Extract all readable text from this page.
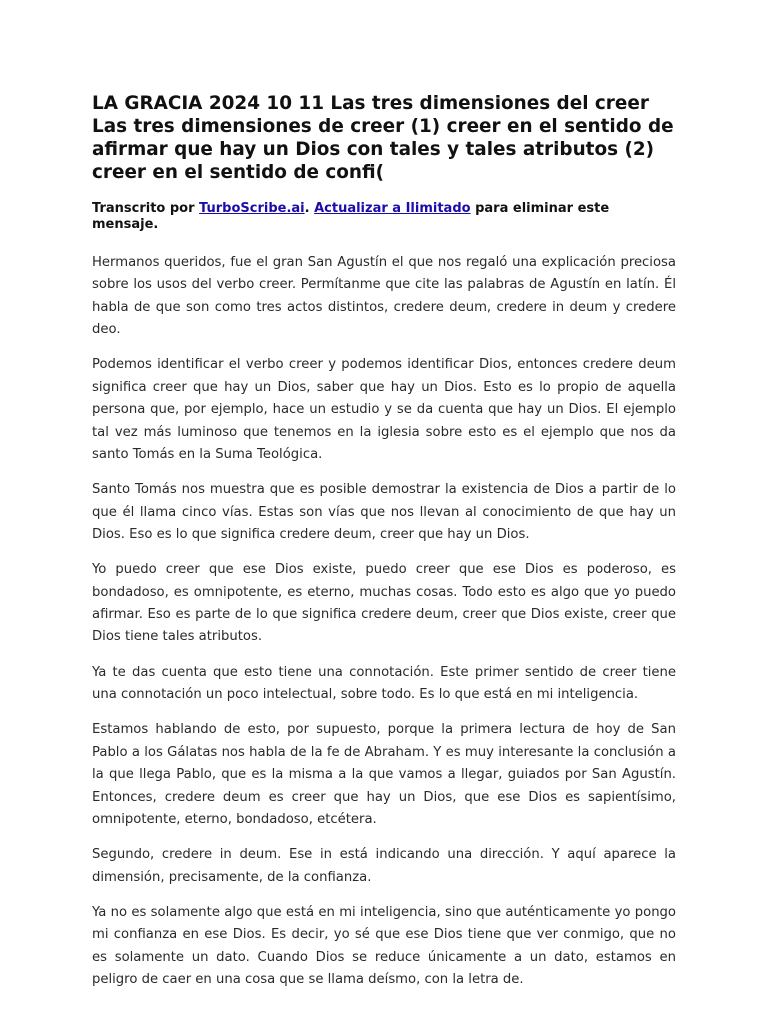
LA GRACIA 2024 10 11 Las tres dimensiones del creer Las tres dimensiones de creer (1) creer en el sentido de afirmar que hay un Dios con tales y tales atributos (2) creer en el sentido de confi(
Transcrito por TurboScribe.ai. Actualizar a Ilimitado para eliminar este mensaje.

Hermanos queridos, fue el gran San Agustín el que nos regaló una explicación preciosa sobre los usos del verbo creer. Permítanme que cite las palabras de Agustín en latín. Él habla de que son como tres actos distintos, credere deum, credere in deum y credere deo.

Podemos identificar el verbo creer y podemos identificar Dios, entonces credere deum significa creer que hay un Dios, saber que hay un Dios. Esto es lo propio de aquella persona que, por ejemplo, hace un estudio y se da cuenta que hay un Dios. El ejemplo tal vez más luminoso que tenemos en la iglesia sobre esto es el ejemplo que nos da santo Tomás en la Suma Teológica.

Santo Tomás nos muestra que es posible demostrar la existencia de Dios a partir de lo que él llama cinco vías. Estas son vías que nos llevan al conocimiento de que hay un Dios. Eso es lo que significa credere deum, creer que hay un Dios.

Yo puedo creer que ese Dios existe, puedo creer que ese Dios es poderoso, es bondadoso, es omnipotente, es eterno, muchas cosas. Todo esto es algo que yo puedo afirmar. Eso es parte de lo que significa credere deum, creer que Dios existe, creer que Dios tiene tales atributos.

Ya te das cuenta que esto tiene una connotación. Este primer sentido de creer tiene una connotación un poco intelectual, sobre todo. Es lo que está en mi inteligencia.

Estamos hablando de esto, por supuesto, porque la primera lectura de hoy de San Pablo a los Gálatas nos habla de la fe de Abraham. Y es muy interesante la conclusión a la que llega Pablo, que es la misma a la que vamos a llegar, guiados por San Agustín. Entonces, credere deum es creer que hay un Dios, que ese Dios es sapientísimo, omnipotente, eterno, bondadoso, etcétera.

Segundo, credere in deum. Ese in está indicando una dirección. Y aquí aparece la dimensión, precisamente, de la confianza.

Ya no es solamente algo que está en mi inteligencia, sino que auténticamente yo pongo mi confianza en ese Dios. Es decir, yo sé que ese Dios tiene que ver conmigo, que no es solamente un dato. Cuando Dios se reduce únicamente a un dato, estamos en peligro de caer en una cosa que se llama deísmo, con la letra de.
